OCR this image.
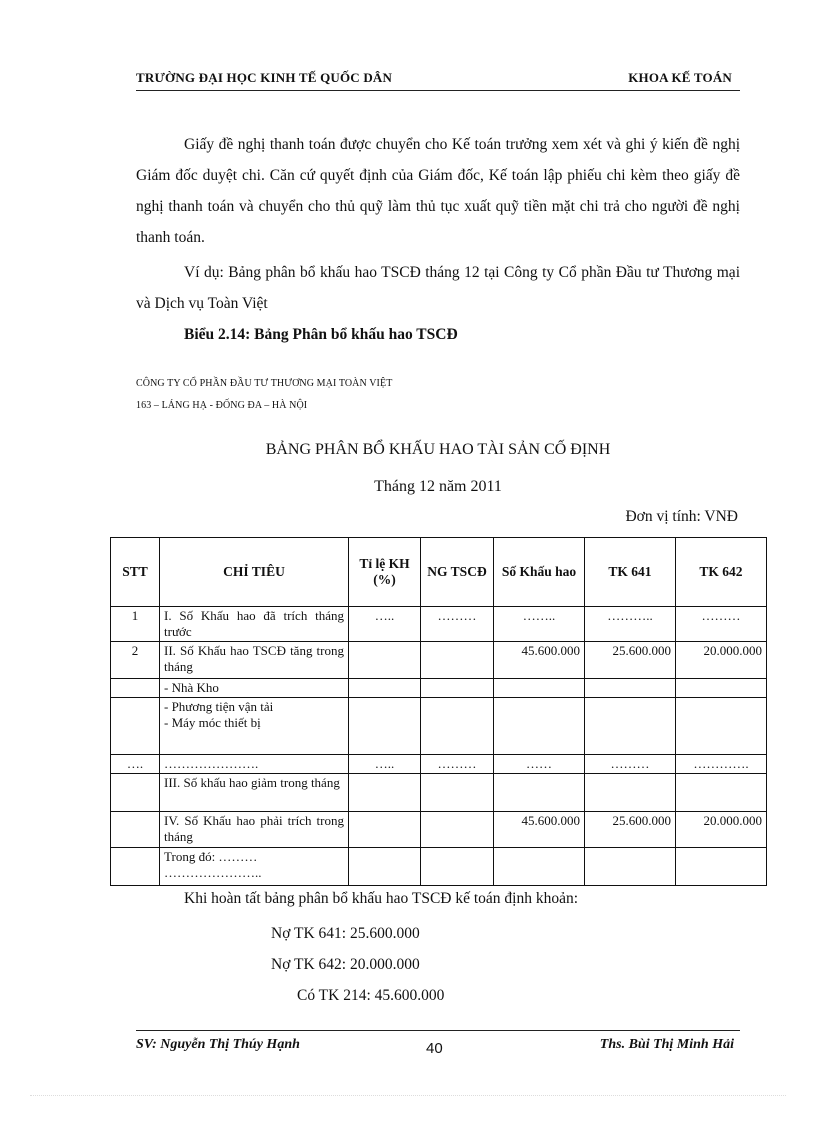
TRƯỜNG ĐẠI HỌC KINH TẾ QUỐC DÂN	KHOA KẾ TOÁN

Giấy đề nghị thanh toán được chuyển cho Kế toán trưởng xem xét và ghi ý kiến đề nghị Giám đốc duyệt chi. Căn cứ quyết định của Giám đốc, Kế toán lập phiếu chi kèm theo giấy đề nghị thanh toán và chuyển cho thủ quỹ làm thủ tục xuất quỹ tiền mặt chi trả cho người đề nghị thanh toán.

Ví dụ: Bảng phân bổ khấu hao TSCĐ tháng 12 tại Công ty Cổ phần Đầu tư Thương mại và Dịch vụ Toàn Việt

Biểu 2.14: Bảng Phân bổ khấu hao TSCĐ
CÔNG TY CỔ PHẦN ĐẦU TƯ THƯƠNG MẠI TOÀN VIỆT
163 – LÁNG HẠ - ĐỐNG ĐA – HÀ NỘI
BẢNG PHÂN BỔ KHẤU HAO TÀI SẢN CỐ ĐỊNH
Tháng 12 năm 2011
Đơn vị tính: VNĐ
STT	CHỈ TIÊU	Tỉ lệ KH (%)	NG TSCĐ	Số Khấu hao	TK 641	TK 642
1	I. Số Khấu hao đã trích tháng trước	…..	………	……..	………..	………
2	II. Số Khấu hao TSCĐ tăng trong tháng			45.600.000	25.600.000	20.000.000
	- Nhà Kho					

	- Phương tiện vận tải
- Máy móc thiết bị					

….	………………….	…..	………	……	………	………….
	III. Số khấu hao giảm trong tháng					
	IV. Số Khấu hao phải trích trong tháng			45.600.000	25.600.000	20.000.000

	Trong đó: ………
…………………..					

Khi hoàn tất bảng phân bổ khấu hao TSCĐ kế toán định khoản:
Nợ TK 641: 25.600.000
Nợ TK 642: 20.000.000
Có TK 214: 45.600.000
SV: Nguyễn Thị Thúy Hạnh	40	Ths. Bùi Thị Minh Hải
